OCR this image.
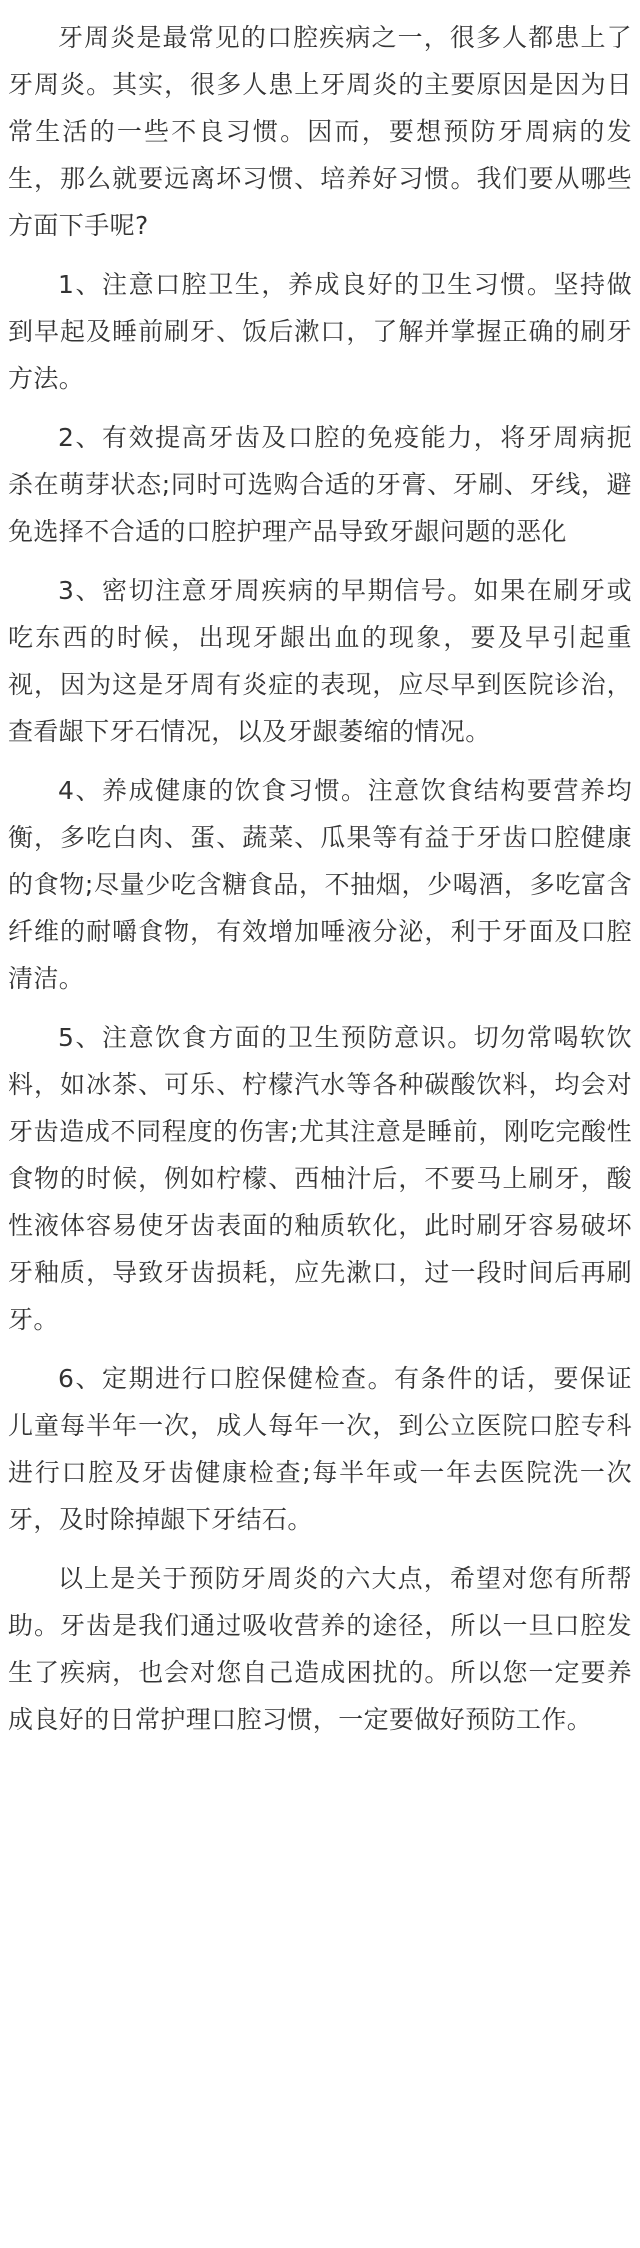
牙周炎是最常见的口腔疾病之一，很多人都患上了牙周炎。其实，很多人患上牙周炎的主要原因是因为日常生活的一些不良习惯。因而，要想预防牙周病的发生，那么就要远离坏习惯、培养好习惯。我们要从哪些方面下手呢?

1、注意口腔卫生，养成良好的卫生习惯。坚持做到早起及睡前刷牙、饭后漱口，了解并掌握正确的刷牙方法。

2、有效提高牙齿及口腔的免疫能力，将牙周病扼杀在萌芽状态;同时可选购合适的牙膏、牙刷、牙线，避免选择不合适的口腔护理产品导致牙龈问题的恶化

3、密切注意牙周疾病的早期信号。如果在刷牙或吃东西的时候，出现牙龈出血的现象，要及早引起重视，因为这是牙周有炎症的表现，应尽早到医院诊治，查看龈下牙石情况，以及牙龈萎缩的情况。

4、养成健康的饮食习惯。注意饮食结构要营养均衡，多吃白肉、蛋、蔬菜、瓜果等有益于牙齿口腔健康的食物;尽量少吃含糖食品，不抽烟，少喝酒，多吃富含纤维的耐嚼食物，有效增加唾液分泌，利于牙面及口腔清洁。

5、注意饮食方面的卫生预防意识。切勿常喝软饮料，如冰茶、可乐、柠檬汽水等各种碳酸饮料，均会对牙齿造成不同程度的伤害;尤其注意是睡前，刚吃完酸性食物的时候，例如柠檬、西柚汁后，不要马上刷牙，酸性液体容易使牙齿表面的釉质软化，此时刷牙容易破坏牙釉质，导致牙齿损耗，应先漱口，过一段时间后再刷牙。

6、定期进行口腔保健检查。有条件的话，要保证儿童每半年一次，成人每年一次，到公立医院口腔专科进行口腔及牙齿健康检查;每半年或一年去医院洗一次牙，及时除掉龈下牙结石。

以上是关于预防牙周炎的六大点，希望对您有所帮助。牙齿是我们通过吸收营养的途径，所以一旦口腔发生了疾病，也会对您自己造成困扰的。所以您一定要养成良好的日常护理口腔习惯，一定要做好预防工作。
